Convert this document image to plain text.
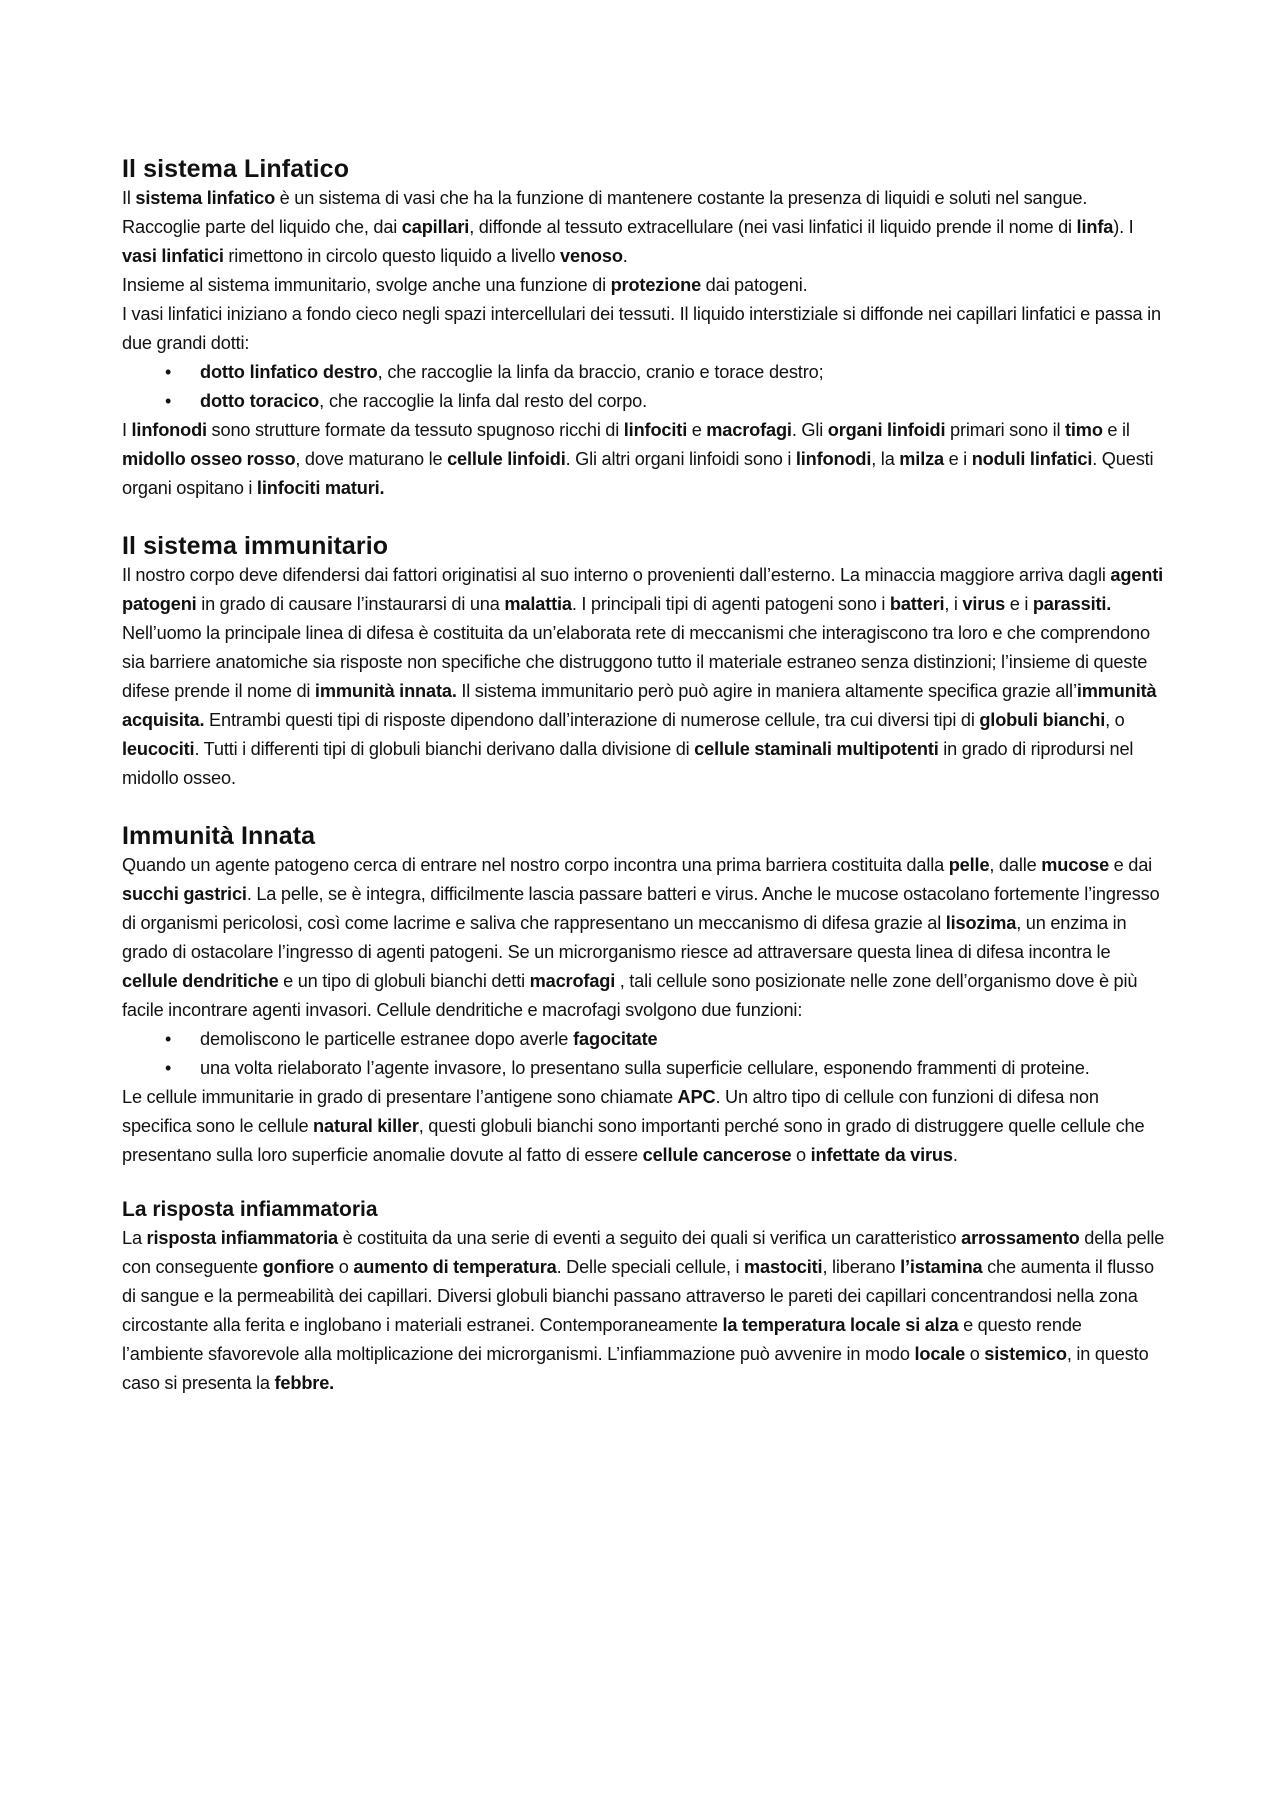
Il sistema Linfatico

Il sistema linfatico è un sistema di vasi che ha la funzione di mantenere costante la presenza di liquidi e soluti nel sangue. Raccoglie parte del liquido che, dai capillari, diffonde al tessuto extracellulare (nei vasi linfatici il liquido prende il nome di linfa). I vasi linfatici rimettono in circolo questo liquido a livello venoso.
Insieme al sistema immunitario, svolge anche una funzione di protezione dai patogeni.
I vasi linfatici iniziano a fondo cieco negli spazi intercellulari dei tessuti. Il liquido interstiziale si diffonde nei capillari linfatici e passa in due grandi dotti:

• dotto linfatico destro, che raccoglie la linfa da braccio, cranio e torace destro;
• dotto toracico, che raccoglie la linfa dal resto del corpo.

I linfonodi sono strutture formate da tessuto spugnoso ricchi di linfociti e macrofagi. Gli organi linfoidi primari sono il timo e il midollo osseo rosso, dove maturano le cellule linfoidi. Gli altri organi linfoidi sono i linfonodi, la milza e i noduli linfatici. Questi organi ospitano i linfociti maturi.

Il sistema immunitario

Il nostro corpo deve difendersi dai fattori originatisi al suo interno o provenienti dall’esterno. La minaccia maggiore arriva dagli agenti patogeni in grado di causare l’instaurarsi di una malattia. I principali tipi di agenti patogeni sono i batteri, i virus e i parassiti. Nell’uomo la principale linea di difesa è costituita da un’elaborata rete di meccanismi che interagiscono tra loro e che comprendono sia barriere anatomiche sia risposte non specifiche che distruggono tutto il materiale estraneo senza distinzioni; l’insieme di queste difese prende il nome di immunità innata. Il sistema immunitario però può agire in maniera altamente specifica grazie all’immunità acquisita. Entrambi questi tipi di risposte dipendono dall’interazione di numerose cellule, tra cui diversi tipi di globuli bianchi, o leucociti. Tutti i differenti tipi di globuli bianchi derivano dalla divisione di cellule staminali multipotenti in grado di riprodursi nel midollo osseo.

Immunità Innata

Quando un agente patogeno cerca di entrare nel nostro corpo incontra una prima barriera costituita dalla pelle, dalle mucose e dai succhi gastrici. La pelle, se è integra, difficilmente lascia passare batteri e virus. Anche le mucose ostacolano fortemente l’ingresso di organismi pericolosi, così come lacrime e saliva che rappresentano un meccanismo di difesa grazie al lisozima, un enzima in grado di ostacolare l’ingresso di agenti patogeni. Se un microrganismo riesce ad attraversare questa linea di difesa incontra le cellule dendritiche e un tipo di globuli bianchi detti macrofagi , tali cellule sono posizionate nelle zone dell’organismo dove è più facile incontrare agenti invasori. Cellule dendritiche e macrofagi svolgono due funzioni:

• demoliscono le particelle estranee dopo averle fagocitate
• una volta rielaborato l’agente invasore, lo presentano sulla superficie cellulare, esponendo frammenti di proteine.

Le cellule immunitarie in grado di presentare l’antigene sono chiamate APC. Un altro tipo di cellule con funzioni di difesa non specifica sono le cellule natural killer, questi globuli bianchi sono importanti perché sono in grado di distruggere quelle cellule che presentano sulla loro superficie anomalie dovute al fatto di essere cellule cancerose o infettate da virus.

La risposta infiammatoria

La risposta infiammatoria è costituita da una serie di eventi a seguito dei quali si verifica un caratteristico arrossamento della pelle con conseguente gonfiore o aumento di temperatura. Delle speciali cellule, i mastociti, liberano l’istamina che aumenta il flusso di sangue e la permeabilità dei capillari. Diversi globuli bianchi passano attraverso le pareti dei capillari concentrandosi nella zona circostante alla ferita e inglobano i materiali estranei. Contemporaneamente la temperatura locale si alza e questo rende l’ambiente sfavorevole alla moltiplicazione dei microrganismi. L’infiammazione può avvenire in modo locale o sistemico, in questo caso si presenta la febbre.
